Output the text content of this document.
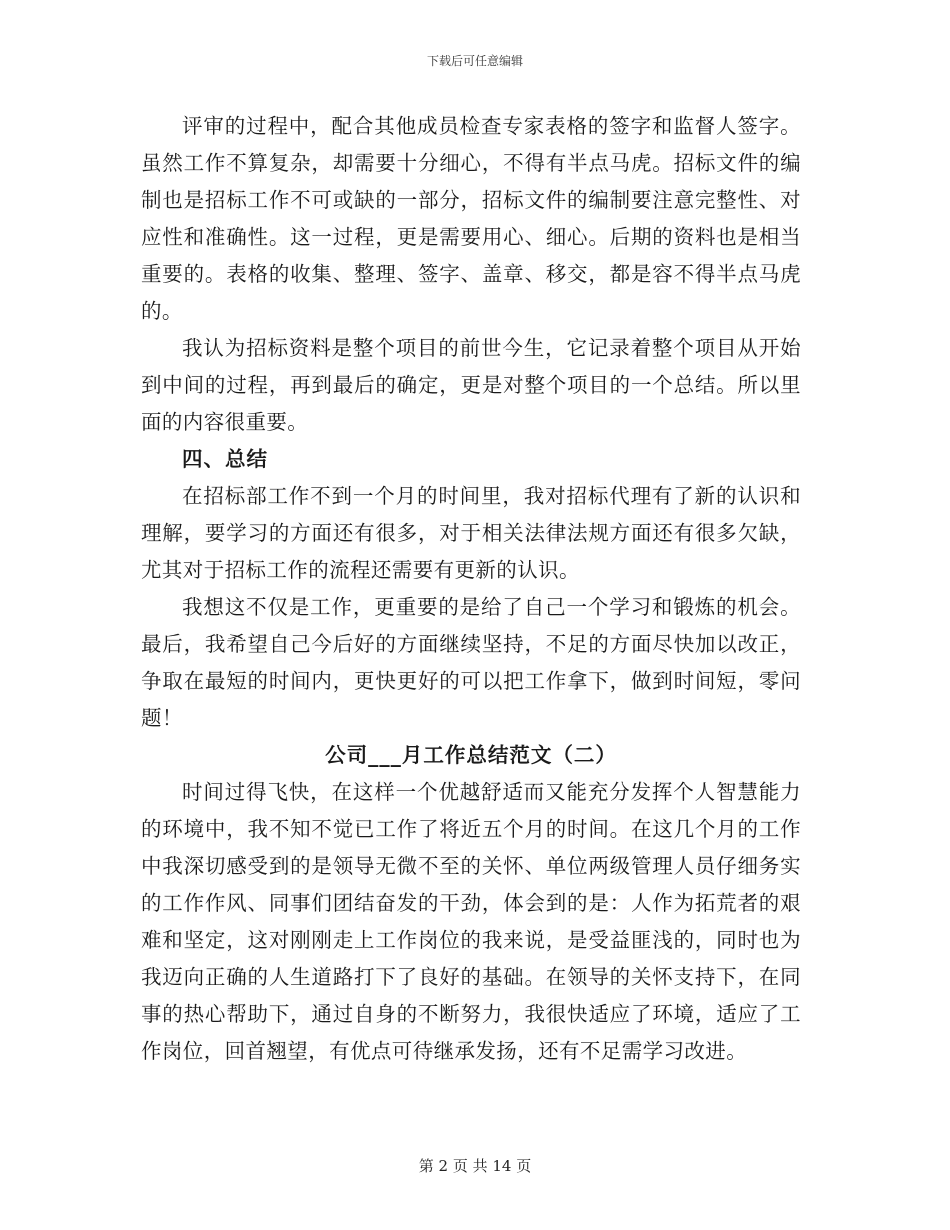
下载后可任意编辑

评审的过程中，配合其他成员检查专家表格的签字和监督人签字。虽然工作不算复杂，却需要十分细心，不得有半点马虎。招标文件的编制也是招标工作不可或缺的一部分，招标文件的编制要注意完整性、对应性和准确性。这一过程，更是需要用心、细心。后期的资料也是相当重要的。表格的收集、整理、签字、盖章、移交，都是容不得半点马虎的。

我认为招标资料是整个项目的前世今生，它记录着整个项目从开始到中间的过程，再到最后的确定，更是对整个项目的一个总结。所以里面的内容很重要。

四、总结

在招标部工作不到一个月的时间里，我对招标代理有了新的认识和理解，要学习的方面还有很多，对于相关法律法规方面还有很多欠缺，尤其对于招标工作的流程还需要有更新的认识。

我想这不仅是工作，更重要的是给了自己一个学习和锻炼的机会。最后，我希望自己今后好的方面继续坚持，不足的方面尽快加以改正，争取在最短的时间内，更快更好的可以把工作拿下，做到时间短，零问题！

公司___月工作总结范文（二）

时间过得飞快，在这样一个优越舒适而又能充分发挥个人智慧能力的环境中，我不知不觉已工作了将近五个月的时间。在这几个月的工作中我深切感受到的是领导无微不至的关怀、单位两级管理人员仔细务实的工作作风、同事们团结奋发的干劲，体会到的是：人作为拓荒者的艰难和坚定，这对刚刚走上工作岗位的我来说，是受益匪浅的，同时也为我迈向正确的人生道路打下了良好的基础。在领导的关怀支持下，在同事的热心帮助下，通过自身的不断努力，我很快适应了环境，适应了工作岗位，回首翘望，有优点可待继承发扬，还有不足需学习改进。

第 2 页 共 14 页
